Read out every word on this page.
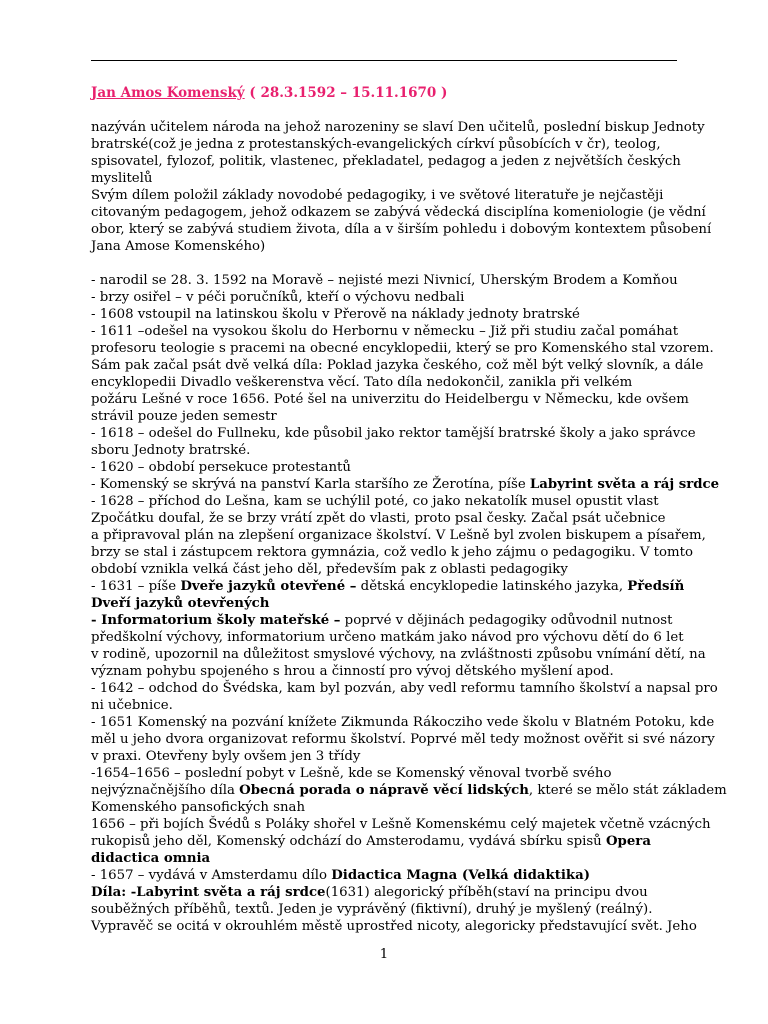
Jan Amos Komenský ( 28.3.1592 – 15.11.1670 )
nazýván učitelem národa na jehož narozeniny se slaví Den učitelů, poslední biskup Jednoty
bratrské(což je jedna z protestanských-evangelických církví působících v čr), teolog,
spisovatel, fylozof, politik, vlastenec, překladatel, pedagog a jeden z největších českých
myslitelů
Svým dílem položil základy novodobé pedagogiky, i ve světové literatuře je nejčastěji
citovaným pedagogem, jehož odkazem se zabývá vědecká disciplína komeniologie (je vědní
obor, který se zabývá studiem života, díla a v širším pohledu i dobovým kontextem působení
Jana Amose Komenského)
- narodil se 28. 3. 1592 na Moravě – nejisté mezi Nivnicí, Uherským Brodem a Komňou
- brzy osiřel – v péči poručníků, kteří o výchovu nedbali
- 1608 vstoupil na latinskou školu v Přerově na náklady jednoty bratrské
- 1611 –odešel na vysokou školu do Herbornu v německu – Již při studiu začal pomáhat
profesoru teologie s pracemi na obecné encyklopedii, který se pro Komenského stal vzorem.
Sám pak začal psát dvě velká díla: Poklad jazyka českého, což měl být velký slovník, a dále
encyklopedii Divadlo veškerenstva věcí. Tato díla nedokončil, zanikla při velkém
požáru Lešné v roce 1656. Poté šel na univerzitu do Heidelbergu v Německu, kde ovšem
strávil pouze jeden semestr
- 1618 – odešel do Fullneku, kde působil jako rektor tamější bratrské školy a jako správce
sboru Jednoty bratrské.
- 1620 – období persekuce protestantů
- Komenský se skrývá na panství Karla staršího ze Žerotína, píše Labyrint světa a ráj srdce
- 1628 – příchod do Lešna, kam se uchýlil poté, co jako nekatolík musel opustit vlast
Zpočátku doufal, že se brzy vrátí zpět do vlasti, proto psal česky. Začal psát učebnice
a připravoval plán na zlepšení organizace školství. V Lešně byl zvolen biskupem a písařem,
brzy se stal i zástupcem rektora gymnázia, což vedlo k jeho zájmu o pedagogiku. V tomto
období vznikla velká část jeho děl, především pak z oblasti pedagogiky
- 1631 – píše Dveře jazyků otevřené – dětská encyklopedie latinského jazyka, Předsíň
Dveří jazyků otevřených
- Informatorium školy mateřské – poprvé v dějinách pedagogiky odůvodnil nutnost
předškolní výchovy, informatorium určeno matkám jako návod pro výchovu dětí do 6 let
v rodině, upozornil na důležitost smyslové výchovy, na zvláštnosti způsobu vnímání dětí, na
význam pohybu spojeného s hrou a činností pro vývoj dětského myšlení apod.
- 1642 – odchod do Švédska, kam byl pozván, aby vedl reformu tamního školství a napsal pro
ni učebnice.
- 1651 Komenský na pozvání knížete Zikmunda Rákocziho vede školu v Blatném Potoku, kde
měl u jeho dvora organizovat reformu školství. Poprvé měl tedy možnost ověřit si své názory
v praxi. Otevřeny byly ovšem jen 3 třídy
-1654–1656 – poslední pobyt v Lešně, kde se Komenský věnoval tvorbě svého
nejvýznačnějšího díla Obecná porada o nápravě věcí lidských, které se mělo stát základem
Komenského pansofických snah
1656 – při bojích Švédů s Poláky shořel v Lešně Komenskému celý majetek včetně vzácných
rukopisů jeho děl, Komenský odchází do Amsterodamu, vydává sbírku spisů Opera
didactica omnia
- 1657 – vydává v Amsterdamu dílo Didactica Magna (Velká didaktika)
Díla: -Labyrint světa a ráj srdce(1631) alegorický příběh(staví na principu dvou
souběžných příběhů, textů. Jeden je vyprávěný (fiktivní), druhý je myšlený (reálný).
Vypravěč se ocitá v okrouhlém městě uprostřed nicoty, alegoricky představující svět. Jeho
1
